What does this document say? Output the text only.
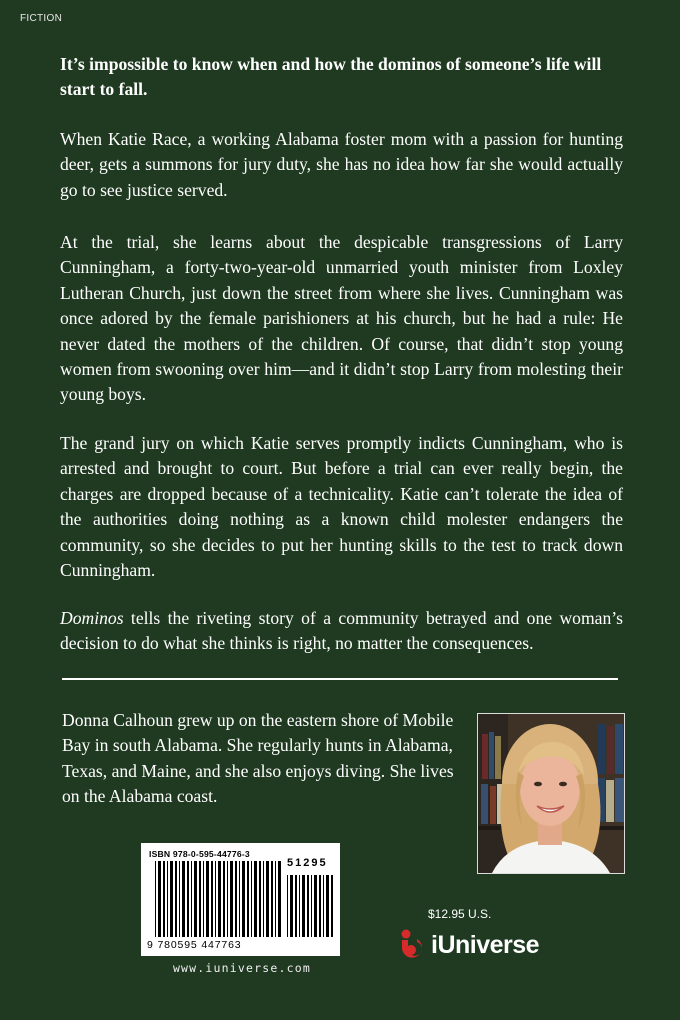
FICTION
It’s impossible to know when and how the dominos of someone’s life will start to fall.
When Katie Race, a working Alabama foster mom with a passion for hunting deer, gets a summons for jury duty, she has no idea how far she would actually go to see justice served.
At the trial, she learns about the despicable transgressions of Larry Cunningham, a forty-two-year-old unmarried youth minister from Loxley Lutheran Church, just down the street from where she lives. Cunningham was once adored by the female parishioners at his church, but he had a rule: He never dated the mothers of the children. Of course, that didn’t stop young women from swooning over him—and it didn’t stop Larry from molesting their young boys.
The grand jury on which Katie serves promptly indicts Cunningham, who is arrested and brought to court. But before a trial can ever really begin, the charges are dropped because of a technicality. Katie can’t tolerate the idea of the authorities doing nothing as a known child molester endangers the community, so she decides to put her hunting skills to the test to track down Cunningham.
Dominos tells the riveting story of a community betrayed and one woman’s decision to do what she thinks is right, no matter the consequences.
Donna Calhoun grew up on the eastern shore of Mobile Bay in south Alabama. She regularly hunts in Alabama, Texas, and Maine, and she also enjoys diving. She lives on the Alabama coast.
ISBN 978-0-595-44776-3
51295
9 780595 447763
www.iuniverse.com
$12.95 U.S.
iUniverse
